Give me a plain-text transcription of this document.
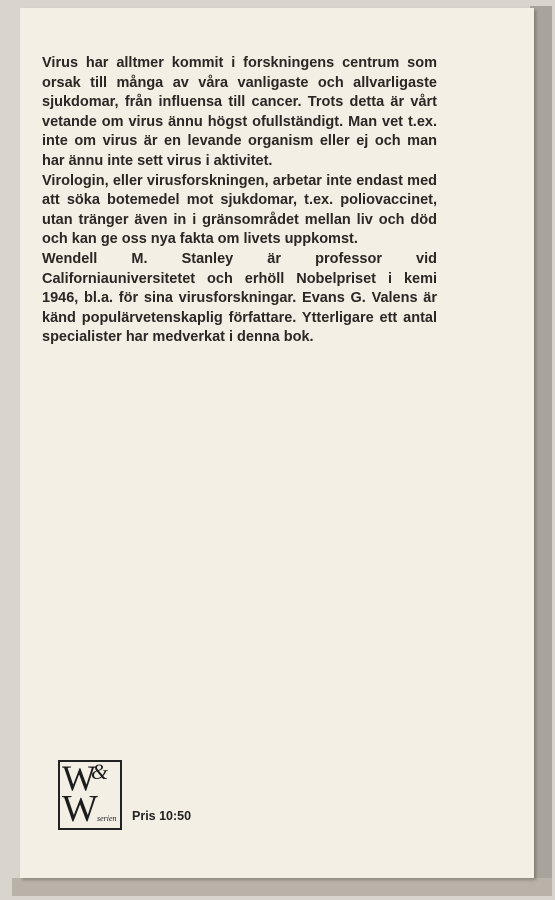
Virus har alltmer kommit i forskningens centrum som orsak till många av våra vanligaste och allvarligaste sjukdomar, från influensa till cancer. Trots detta är vårt vetande om virus ännu högst ofullständigt. Man vet t.ex. inte om virus är en levande organism eller ej och man har ännu inte sett virus i aktivitet.

Virologin, eller virusforskningen, arbetar inte endast med att söka botemedel mot sjukdomar, t.ex. poliovaccinet, utan tränger även in i gränsområdet mellan liv och död och kan ge oss nya fakta om livets uppkomst.

Wendell M. Stanley är professor vid Californiauniversitetet och erhöll Nobelpriset i kemi 1946, bl.a. för sina virusforskningar. Evans G. Valens är känd populärvetenskaplig författare. Ytterligare ett antal specialister har medverkat i denna bok.

W
&
W serien Pris 10:50
